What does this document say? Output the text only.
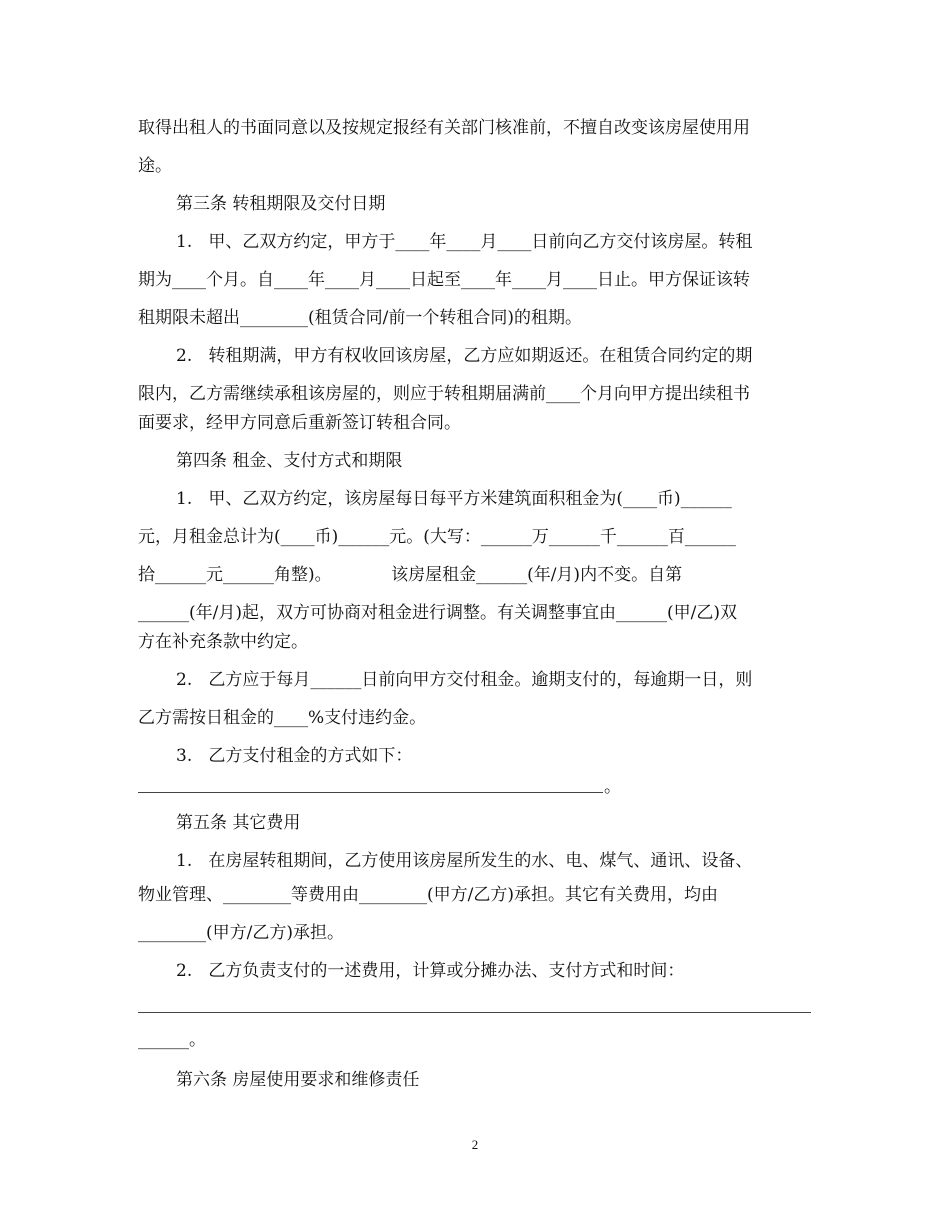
取得出租人的书面同意以及按规定报经有关部门核准前，不擅自改变该房屋使用用
途。
第三条 转租期限及交付日期
1.   甲、乙双方约定，甲方于____年____月____日前向乙方交付该房屋。转租
期为____个月。自____年____月____日起至____年____月____日止。甲方保证该转
租期限未超出________(租赁合同/前一个转租合同)的租期。
2.   转租期满，甲方有权收回该房屋，乙方应如期返还。在租赁合同约定的期
限内，乙方需继续承租该房屋的，则应于转租期届满前____个月向甲方提出续租书
面要求，经甲方同意后重新签订转租合同。
第四条 租金、支付方式和期限
1.   甲、乙双方约定，该房屋每日每平方米建筑面积租金为(____币)______
元，月租金总计为(____币)______元。(大写：______万______千______百______
拾______元______角整)。           该房屋租金______(年/月)内不变。自第
______(年/月)起，双方可协商对租金进行调整。有关调整事宜由______(甲/乙)双
方在补充条款中约定。
2.   乙方应于每月______日前向甲方交付租金。逾期支付的，每逾期一日，则
乙方需按日租金的____%支付违约金。
3.   乙方支付租金的方式如下：
。
第五条 其它费用
1.   在房屋转租期间，乙方使用该房屋所发生的水、电、煤气、通讯、设备、
物业管理、________等费用由________(甲方/乙方)承担。其它有关费用，均由
________(甲方/乙方)承担。
2.   乙方负责支付的一述费用，计算或分摊办法、支付方式和时间：
______。
第六条 房屋使用要求和维修责任
2
